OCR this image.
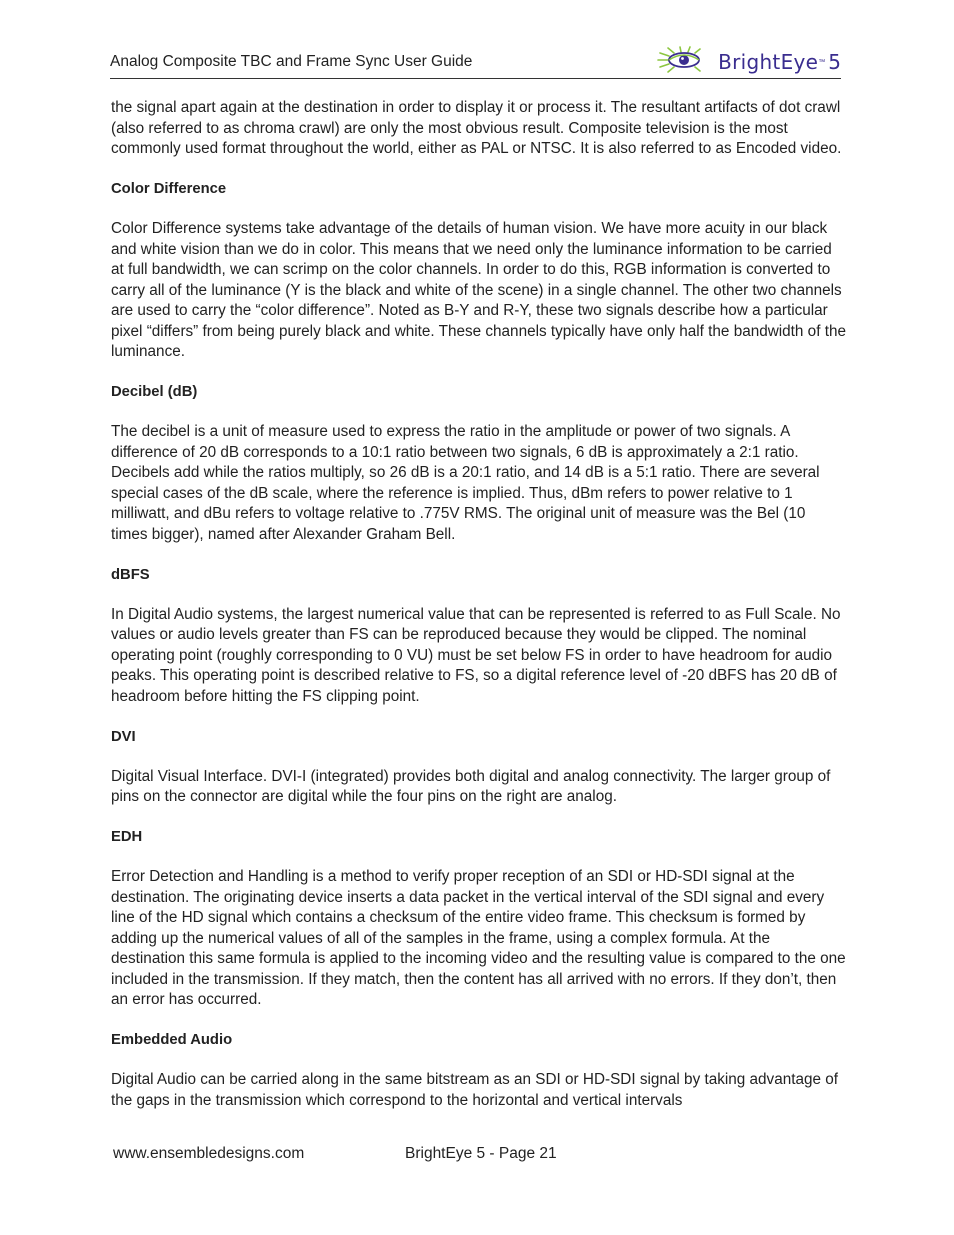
Analog Composite TBC and Frame Sync User Guide	BrightEye ™ 5

the signal apart again at the destination in order to display it or process it. The resultant artifacts of dot crawl (also referred to as chroma crawl) are only the most obvious result. Composite television is the most commonly used format throughout the world, either as PAL or NTSC. It is also referred to as Encoded video.

Color Difference

Color Difference systems take advantage of the details of human vision. We have more acuity in our black and white vision than we do in color. This means that we need only the luminance information to be carried at full bandwidth, we can scrimp on the color channels. In order to do this, RGB information is converted to carry all of the luminance (Y is the black and white of the scene) in a single channel. The other two channels are used to carry the “color difference”. Noted as B-Y and R-Y, these two signals describe how a particular pixel “differs” from being purely black and white. These channels typically have only half the bandwidth of the luminance.

Decibel (dB)

The decibel is a unit of measure used to express the ratio in the amplitude or power of two signals. A difference of 20 dB corresponds to a 10:1 ratio between two signals, 6 dB is approximately a 2:1 ratio. Decibels add while the ratios multiply, so 26 dB is a 20:1 ratio, and 14 dB is a 5:1 ratio. There are several special cases of the dB scale, where the reference is implied. Thus, dBm refers to power relative to 1 milliwatt, and dBu refers to voltage relative to .775V RMS. The original unit of measure was the Bel (10 times bigger), named after Alexander Graham Bell.

dBFS

In Digital Audio systems, the largest numerical value that can be represented is referred to as Full Scale. No values or audio levels greater than FS can be reproduced because they would be clipped. The nominal operating point (roughly corresponding to 0 VU) must be set below FS in order to have headroom for audio peaks. This operating point is described relative to FS, so a digital reference level of -20 dBFS has 20 dB of headroom before hitting the FS clipping point.

DVI

Digital Visual Interface. DVI-I (integrated) provides both digital and analog connectivity. The larger group of pins on the connector are digital while the four pins on the right are analog.

EDH

Error Detection and Handling is a method to verify proper reception of an SDI or HD-SDI signal at the destination. The originating device inserts a data packet in the vertical interval of the SDI signal and every line of the HD signal which contains a checksum of the entire video frame. This checksum is formed by adding up the numerical values of all of the samples in the frame, using a complex formula. At the destination this same formula is applied to the incoming video and the resulting value is compared to the one included in the transmission. If they match, then the content has all arrived with no errors. If they don’t, then an error has occurred.

Embedded Audio

Digital Audio can be carried along in the same bitstream as an SDI or HD-SDI signal by taking advantage of the gaps in the transmission which correspond to the horizontal and vertical intervals

www.ensembledesigns.com	BrightEye 5 - Page 21
